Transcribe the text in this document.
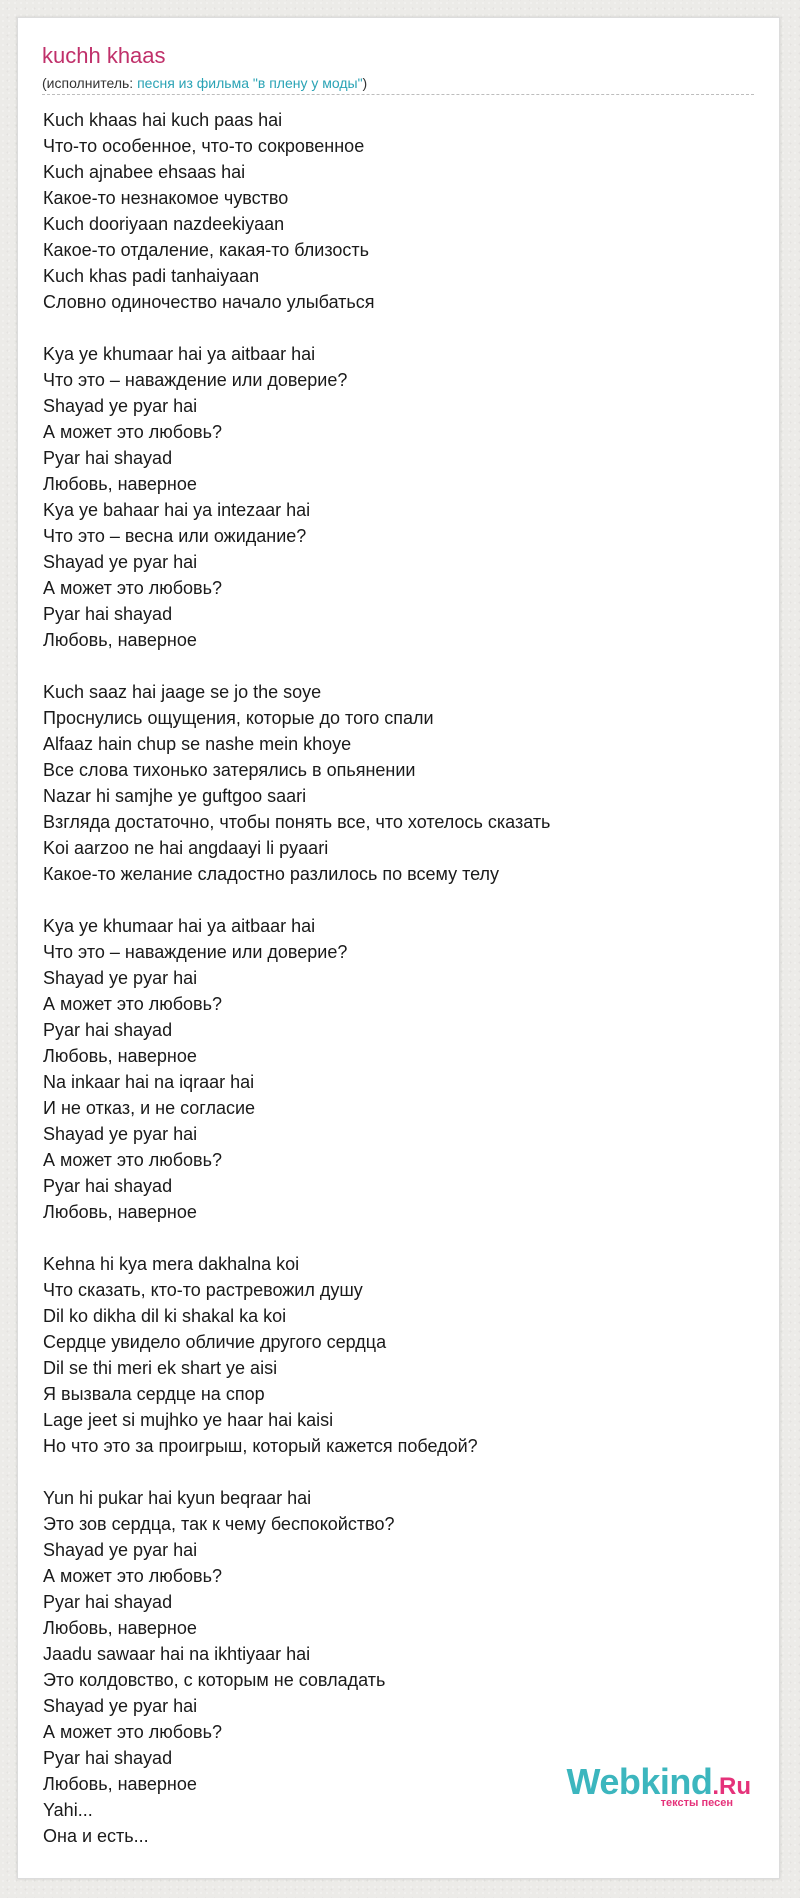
kuchh khaas
(исполнитель: песня из фильма "в плену у моды")
Kuch khaas hai kuch paas hai
Что-то особенное, что-то сокровенное
Kuch ajnabee ehsaas hai
Какое-то незнакомое чувство
Kuch dooriyaan nazdeekiyaan
Какое-то отдаление, какая-то близость
Kuch khas padi tanhaiyaan
Словно одиночество начало улыбаться
Kya ye khumaar hai ya aitbaar hai
Что это – наваждение или доверие?
Shayad ye pyar hai
А может это любовь?
Pyar hai shayad
Любовь, наверное
Kya ye bahaar hai ya intezaar hai
Что это – весна или ожидание?
Shayad ye pyar hai
А может это любовь?
Pyar hai shayad
Любовь, наверное
Kuch saaz hai jaage se jo the soye
Проснулись ощущения, которые до того спали
Alfaaz hain chup se nashe mein khoye
Все слова тихонько затерялись в опьянении
Nazar hi samjhe ye guftgoo saari
Взгляда достаточно, чтобы понять все, что хотелось сказать
Koi aarzoo ne hai angdaayi li pyaari
Какое-то желание сладостно разлилось по всему телу
Kya ye khumaar hai ya aitbaar hai
Что это – наваждение или доверие?
Shayad ye pyar hai
А может это любовь?
Pyar hai shayad
Любовь, наверное
Na inkaar hai na iqraar hai
И не отказ, и не согласие
Shayad ye pyar hai
А может это любовь?
Pyar hai shayad
Любовь, наверное
Kehna hi kya mera dakhalna koi
Что сказать, кто-то растревожил душу
Dil ko dikha dil ki shakal ka koi
Сердце увидело обличие другого сердца
Dil se thi meri ek shart ye aisi
Я вызвала сердце на спор
Lage jeet si mujhko ye haar hai kaisi
Но что это за проигрыш, который кажется победой?
Yun hi pukar hai kyun beqraar hai
Это зов сердца, так к чему беспокойство?
Shayad ye pyar hai
А может это любовь?
Pyar hai shayad
Любовь, наверное
Jaadu sawaar hai na ikhtiyaar hai
Это колдовство, с которым не совладать
Shayad ye pyar hai
А может это любовь?
Pyar hai shayad
Любовь, наверное
Yahi...
Она и есть...
Webkind.Ru
тексты песен
